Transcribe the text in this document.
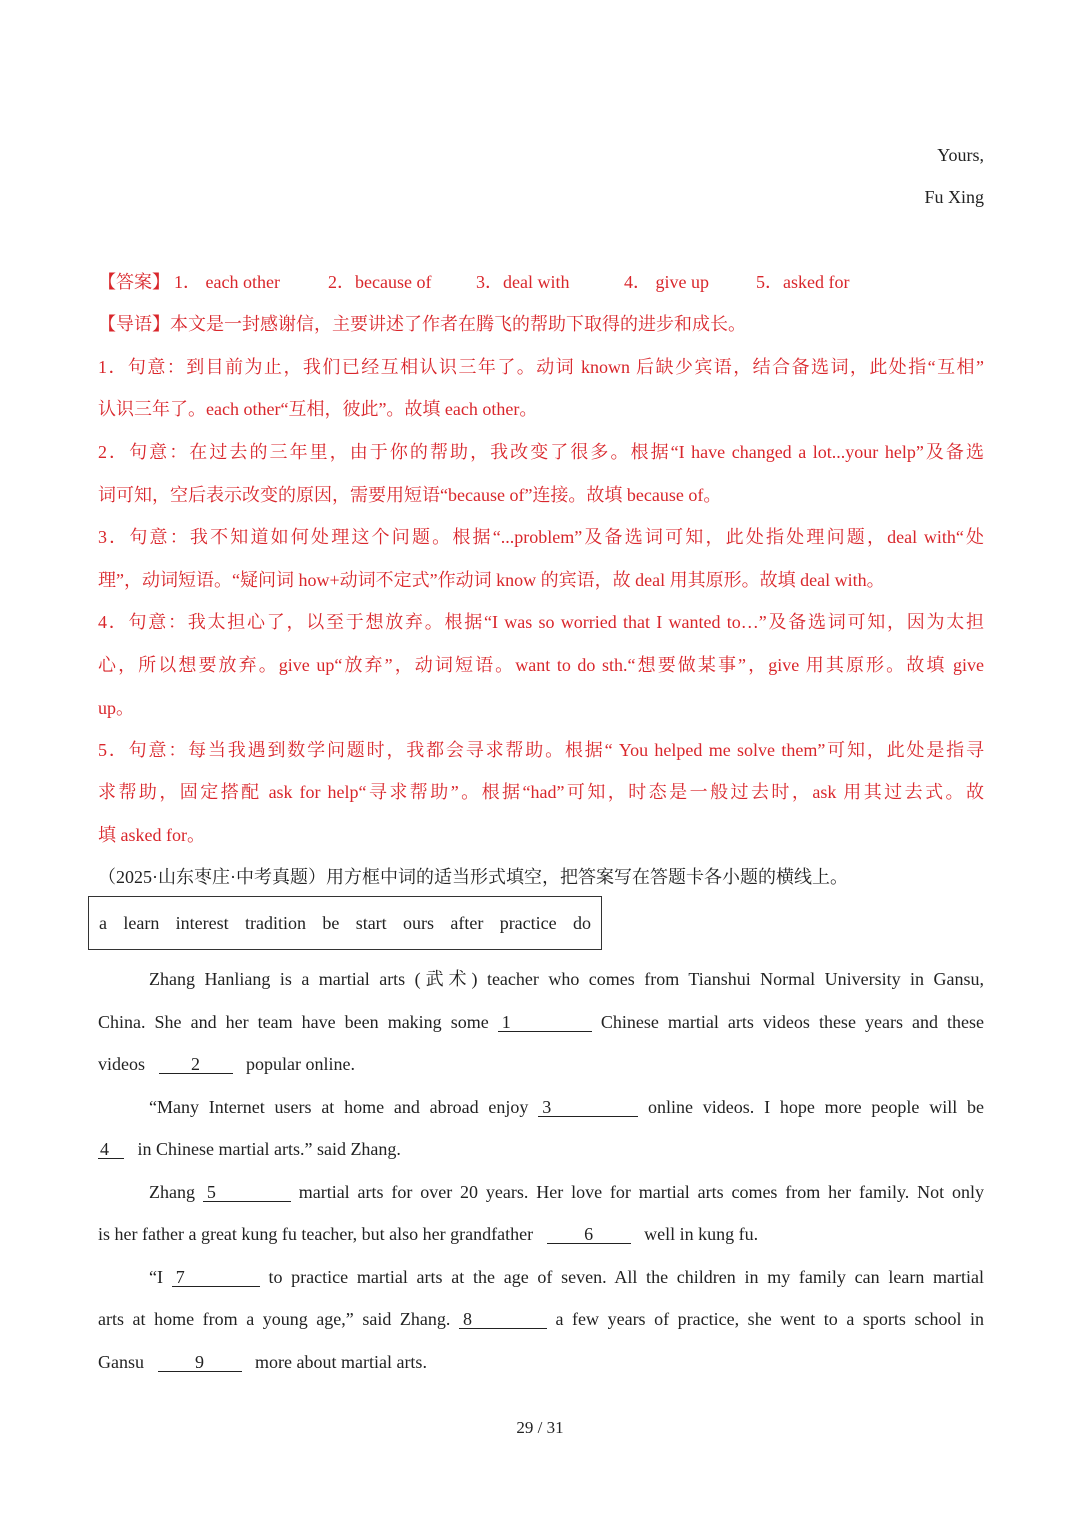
Yours,
Fu Xing
【答案】 1． each other	2．because of 3．deal with	4． give up	5．asked for
【导语】本文是一封感谢信，主要讲述了作者在腾飞的帮助下取得的进步和成长。
1．句意：到目前为止，我们已经互相认识三年了。动词 known 后缺少宾语，结合备选词，此处指“互相”
认识三年了。each other“互相，彼此”。故填 each other。
2．句意：在过去的三年里，由于你的帮助，我改变了很多。根据“I have changed a lot...your help”及备选
词可知，空后表示改变的原因，需要用短语“because of”连接。故填 because of。
3．句意：我不知道如何处理这个问题。根据“...problem”及备选词可知，此处指处理问题，deal with“处
理”，动词短语。“疑问词 how+动词不定式”作动词 know 的宾语，故 deal 用其原形。故填 deal with。
4．句意：我太担心了，以至于想放弃。根据“I was so worried that I wanted to…”及备选词可知，因为太担
心，所以想要放弃。give up“放弃”，动词短语。want to do sth.“想要做某事”，give 用其原形。故填 give
up。
5．句意：每当我遇到数学问题时，我都会寻求帮助。根据“ You helped me solve them”可知，此处是指寻
求帮助，固定搭配 ask for help“寻求帮助”。根据“had”可知，时态是一般过去时，ask 用其过去式。故
填 asked for。
（2025·山东枣庄·中考真题）用方框中词的适当形式填空，把答案写在答题卡各小题的横线上。
a learn interest tradition be start ours after practice do
Zhang Hanliang is a martial arts (武术) teacher who comes from Tianshui Normal University in Gansu,
China. She and her team have been making some 1	Chinese martial arts videos these years and these
videos	2	popular online.
“Many Internet users at home and abroad enjoy 3	online videos. I hope more people will be
4 in Chinese martial arts.” said Zhang.
Zhang 5	martial arts for over 20 years. Her love for martial arts comes from her family. Not only
is her father a great kung fu teacher, but also her grandfather	6	well in kung fu.
“I 7	to practice martial arts at the age of seven. All the children in my family can learn martial
arts at home from a young age,” said Zhang. 8	a few years of practice, she went to a sports school in
Gansu	9	more about martial arts.
29 / 31
